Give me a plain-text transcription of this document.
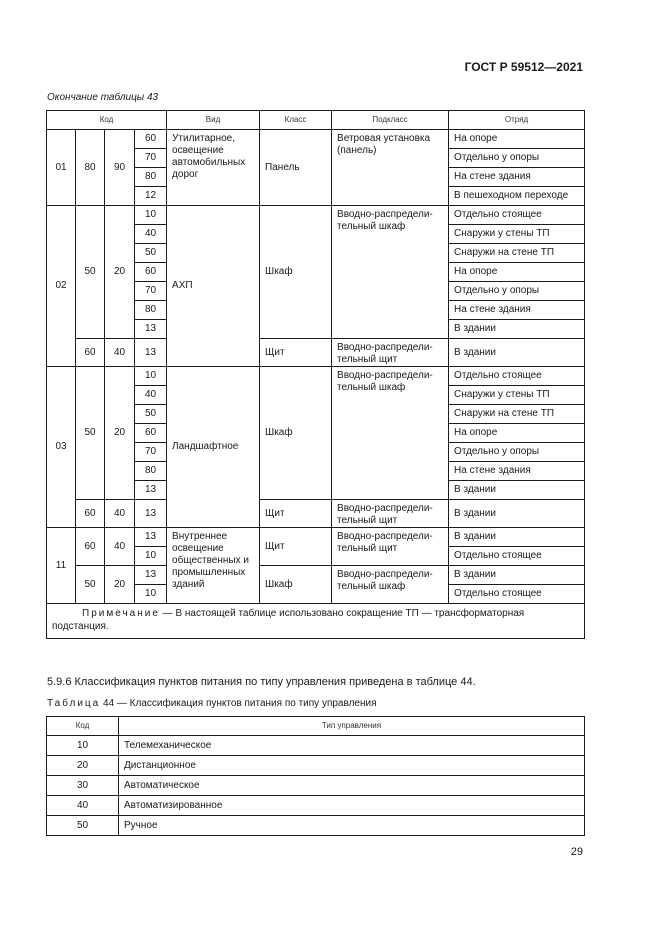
ГОСТ Р 59512—2021
Окончание таблицы 43
Код				Вид	Класс	Подкласс	Отряд
01	80	90	60	Утилитарное, освещение автомобильных дорог	Панель	Ветровая установка (панель)	На опоре
			70				Отдельно у опоры
			80				На стене здания
			12				В пешеходном переходе
02	50	20	10	АХП	Шкаф	Вводно-распредели-тельный шкаф	Отдельно стоящее
			40				Снаружи у стены ТП
			50				Снаружи на стене ТП
			60				На опоре
			70				Отдельно у опоры
			80				На стене здания
			13				В здании
	60	40	13		Щит	Вводно-распредели-тельный щит	В здании
03	50	20	10	Ландшафтное	Шкаф	Вводно-распредели-тельный шкаф	Отдельно стоящее
			40				Снаружи у стены ТП
			50				Снаружи на стене ТП
			60				На опоре
			70				Отдельно у опоры
			80				На стене здания
			13				В здании
	60	40	13		Щит	Вводно-распредели-тельный щит	В здании
11	60	40	13	Внутреннее освещение общественных и промышленных зданий	Щит	Вводно-распредели-тельный щит	В здании
			10				Отдельно стоящее
	50	20	13		Шкаф	Вводно-распредели-тельный шкаф	В здании
			10				Отдельно стоящее
Примечание — В настоящей таблице использовано сокращение ТП — трансформаторная подстанция.							
5.9.6 Классификация пунктов питания по типу управления приведена в таблице 44.
Таблица 44 — Классификация пунктов питания по типу управления
Код	Тип управления
10	Телемеханическое
20	Дистанционное
30	Автоматическое
40	Автоматизированное
50	Ручное
29
